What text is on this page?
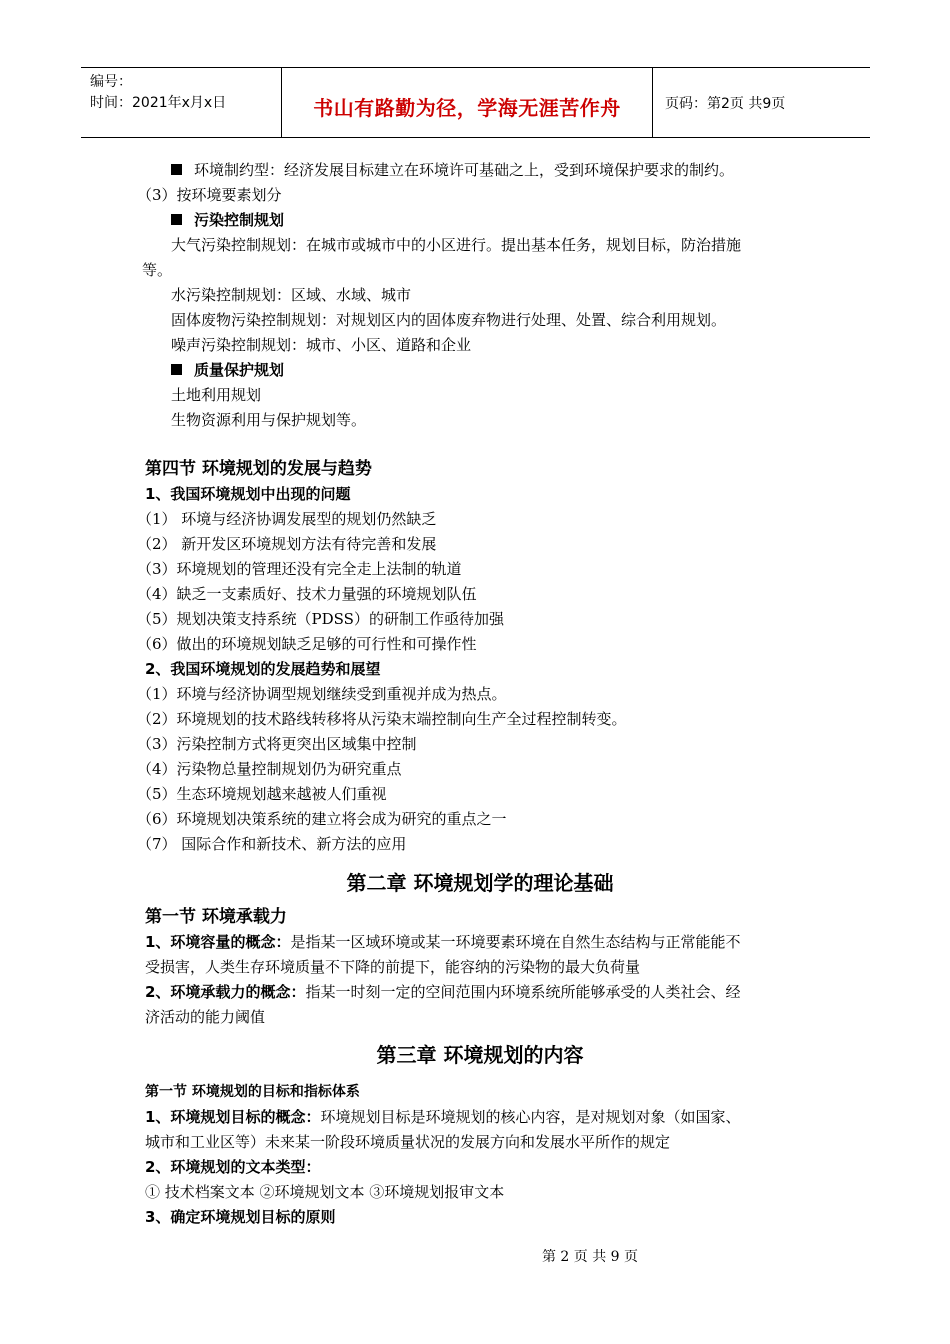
编号：
时间：2021年x月x日	书山有路勤为径，学海无涯苦作舟	页码：第2页 共9页
环境制约型：经济发展目标建立在环境许可基础之上，受到环境保护要求的制约。
（3）按环境要素划分
污染控制规划
大气污染控制规划：在城市或城市中的小区进行。提出基本任务，规划目标，防治措施
等。
水污染控制规划：区域、水域、城市
固体废物污染控制规划：对规划区内的固体废弃物进行处理、处置、综合利用规划。
噪声污染控制规划：城市、小区、道路和企业
质量保护规划
土地利用规划
生物资源利用与保护规划等。
第四节 环境规划的发展与趋势
1、我国环境规划中出现的问题
（1） 环境与经济协调发展型的规划仍然缺乏
（2） 新开发区环境规划方法有待完善和发展
（3）环境规划的管理还没有完全走上法制的轨道
（4）缺乏一支素质好、技术力量强的环境规划队伍
（5）规划决策支持系统（PDSS）的研制工作亟待加强
（6）做出的环境规划缺乏足够的可行性和可操作性
2、我国环境规划的发展趋势和展望
（1）环境与经济协调型规划继续受到重视并成为热点。
（2）环境规划的技术路线转移将从污染末端控制向生产全过程控制转变。
（3）污染控制方式将更突出区域集中控制
（4）污染物总量控制规划仍为研究重点
（5）生态环境规划越来越被人们重视
（6）环境规划决策系统的建立将会成为研究的重点之一
（7） 国际合作和新技术、新方法的应用
第二章 环境规划学的理论基础
第一节 环境承载力
1、环境容量的概念：是指某一区域环境或某一环境要素环境在自然生态结构与正常能能不
受损害，人类生存环境质量不下降的前提下，能容纳的污染物的最大负荷量
2、环境承载力的概念：指某一时刻一定的空间范围内环境系统所能够承受的人类社会、经
济活动的能力阈值
第三章 环境规划的内容
第一节 环境规划的目标和指标体系
1、环境规划目标的概念：环境规划目标是环境规划的核心内容，是对规划对象（如国家、
城市和工业区等）未来某一阶段环境质量状况的发展方向和发展水平所作的规定
2、环境规划的文本类型：
① 技术档案文本 ②环境规划文本 ③环境规划报审文本
3、确定环境规划目标的原则
第 2 页 共 9 页
